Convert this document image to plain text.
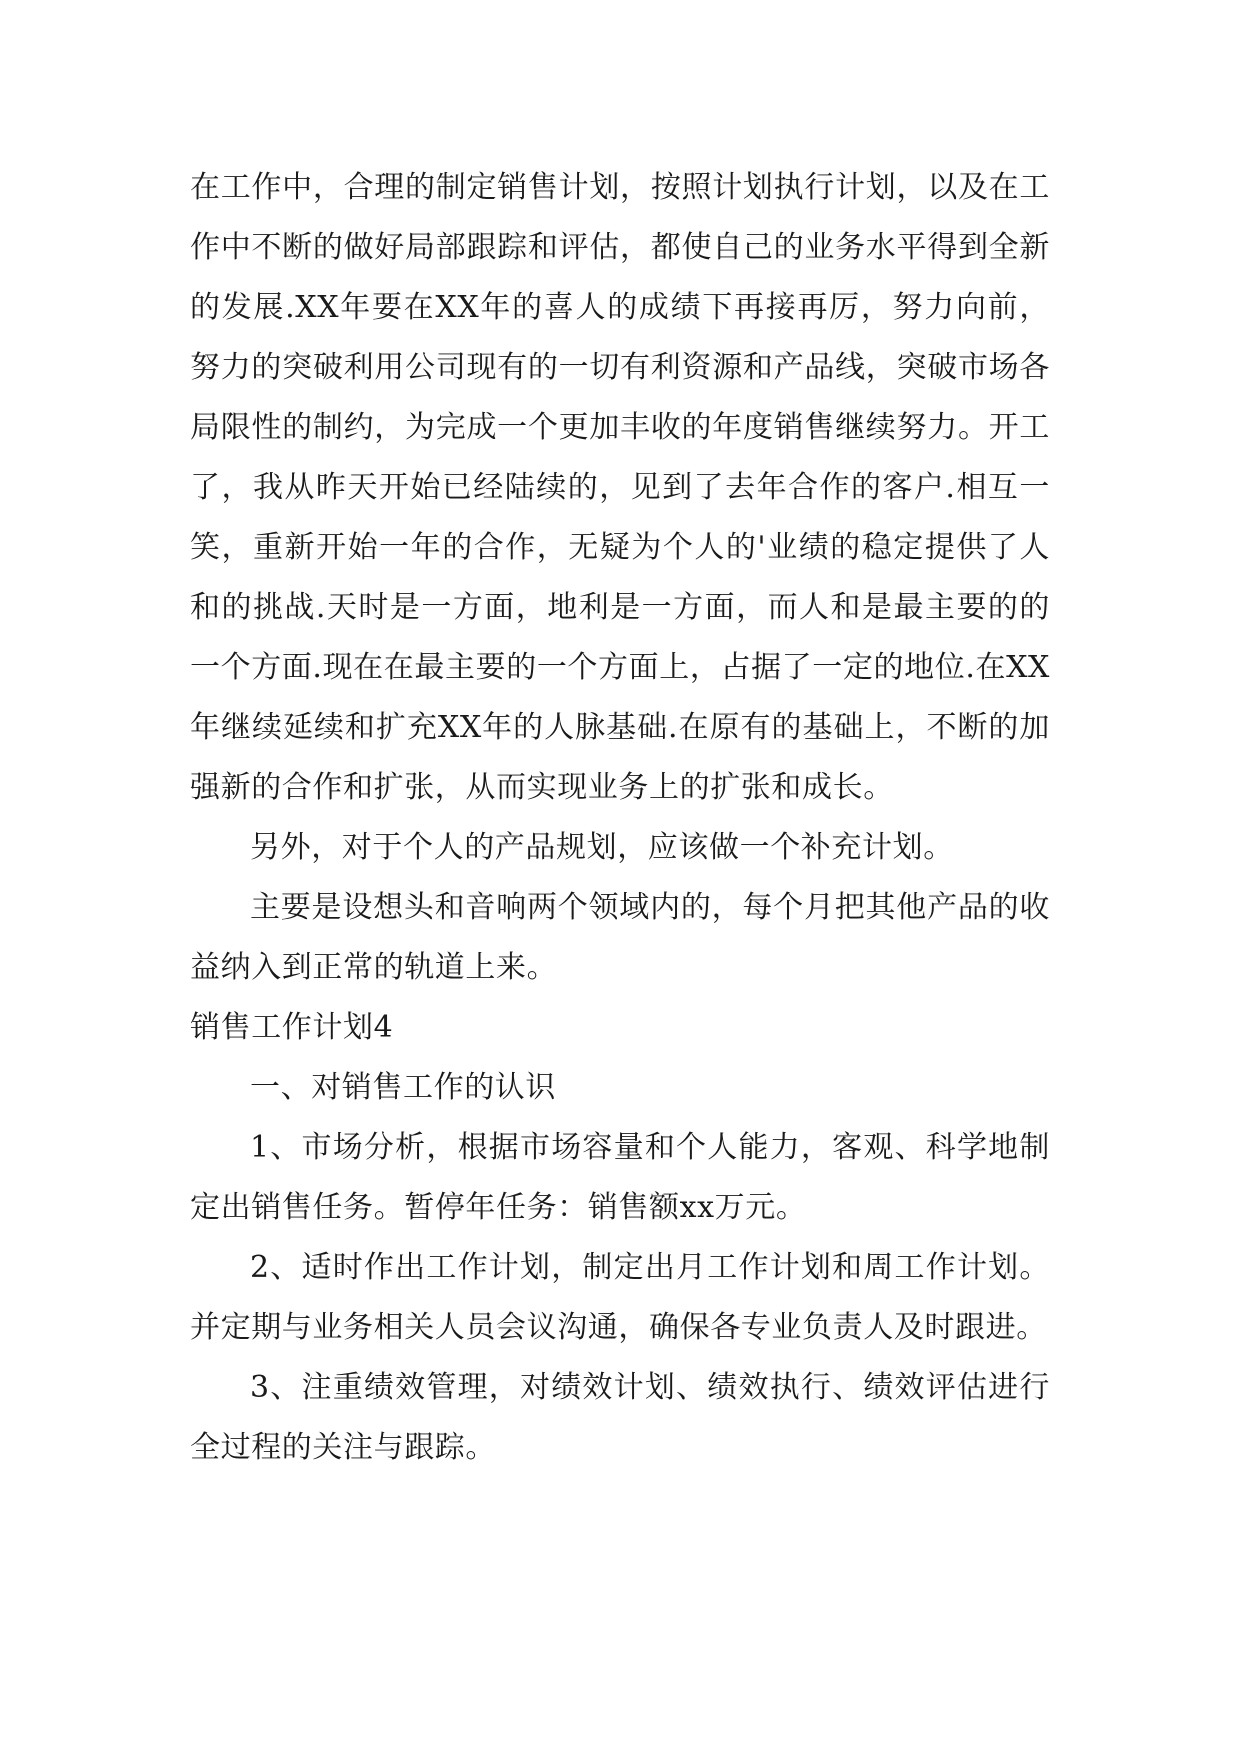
在工作中，合理的制定销售计划，按照计划执行计划，以及在工作中不断的做好局部跟踪和评估，都使自己的业务水平得到全新的发展.XX年要在XX年的喜人的成绩下再接再厉，努力向前，努力的突破利用公司现有的一切有利资源和产品线，突破市场各局限性的制约，为完成一个更加丰收的年度销售继续努力。开工了，我从昨天开始已经陆续的，见到了去年合作的客户.相互一笑，重新开始一年的合作，无疑为个人的'业绩的稳定提供了人和的挑战.天时是一方面，地利是一方面，而人和是最主要的的一个方面.现在在最主要的一个方面上，占据了一定的地位.在XX年继续延续和扩充XX年的人脉基础.在原有的基础上，不断的加强新的合作和扩张，从而实现业务上的扩张和成长。

另外，对于个人的产品规划，应该做一个补充计划。

主要是设想头和音响两个领域内的，每个月把其他产品的收益纳入到正常的轨道上来。

销售工作计划4

一、对销售工作的认识

1、市场分析，根据市场容量和个人能力，客观、科学地制定出销售任务。暂停年任务：销售额xx万元。

2、适时作出工作计划，制定出月工作计划和周工作计划。并定期与业务相关人员会议沟通，确保各专业负责人及时跟进。

3、注重绩效管理，对绩效计划、绩效执行、绩效评估进行全过程的关注与跟踪。
